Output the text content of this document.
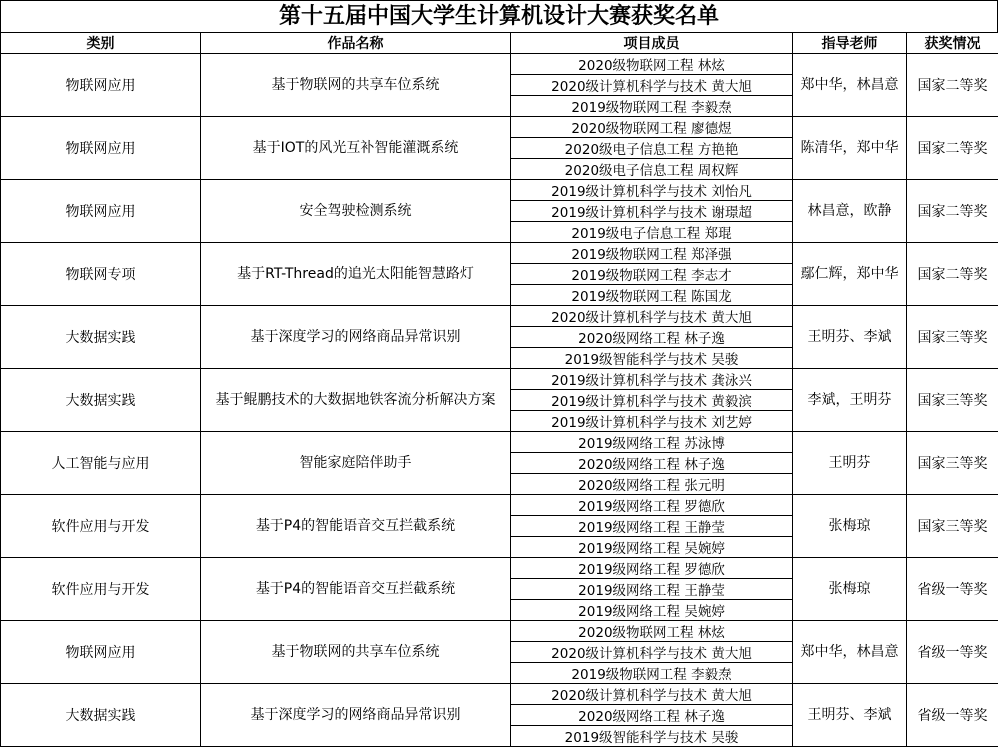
第十五届中国大学生计算机设计大赛获奖名单
类别	作品名称	项目成员	指导老师	获奖情况
物联网应用	基于物联网的共享车位系统	2020级物联网工程 林炫	郑中华，林昌意	国家二等奖
		2020级计算机科学与技术 黄大旭		
		2019级物联网工程 李毅焘		
物联网应用	基于IOT的风光互补智能灌溉系统	2020级物联网工程 廖德煜	陈清华，郑中华	国家二等奖
		2020级电子信息工程 方艳艳		
		2020级电子信息工程 周权辉		
物联网应用	安全驾驶检测系统	2019级计算机科学与技术 刘怡凡	林昌意，欧静	国家二等奖
		2019级计算机科学与技术 谢璟超		
		2019级电子信息工程 郑琨		
物联网专项	基于RT-Thread的追光太阳能智慧路灯	2019级物联网工程 郑泽强	鄢仁辉，郑中华	国家二等奖
		2019级物联网工程 李志才		
		2019级物联网工程 陈国龙		
大数据实践	基于深度学习的网络商品异常识别	2020级计算机科学与技术 黄大旭	王明芬、李斌	国家三等奖
		2020级网络工程 林子逸		
		2019级智能科学与技术 吴骏		
大数据实践	基于鲲鹏技术的大数据地铁客流分析解决方案	2019级计算机科学与技术 龚泳兴	李斌，王明芬	国家三等奖
		2019级计算机科学与技术 黄毅滨		
		2019级计算机科学与技术 刘艺婷		
人工智能与应用	智能家庭陪伴助手	2019级网络工程 苏泳博	王明芬	国家三等奖
		2020级网络工程 林子逸		
		2020级网络工程 张元明		
软件应用与开发	基于P4的智能语音交互拦截系统	2019级网络工程 罗德欣	张梅琼	国家三等奖
		2019级网络工程 王静莹		
		2019级网络工程 吴婉婷		
软件应用与开发	基于P4的智能语音交互拦截系统	2019级网络工程 罗德欣	张梅琼	省级一等奖
		2019级网络工程 王静莹		
		2019级网络工程 吴婉婷		
物联网应用	基于物联网的共享车位系统	2020级物联网工程 林炫	郑中华，林昌意	省级一等奖
		2020级计算机科学与技术 黄大旭		
		2019级物联网工程 李毅焘		
大数据实践	基于深度学习的网络商品异常识别	2020级计算机科学与技术 黄大旭	王明芬、李斌	省级一等奖
		2020级网络工程 林子逸		
		2019级智能科学与技术 吴骏		
